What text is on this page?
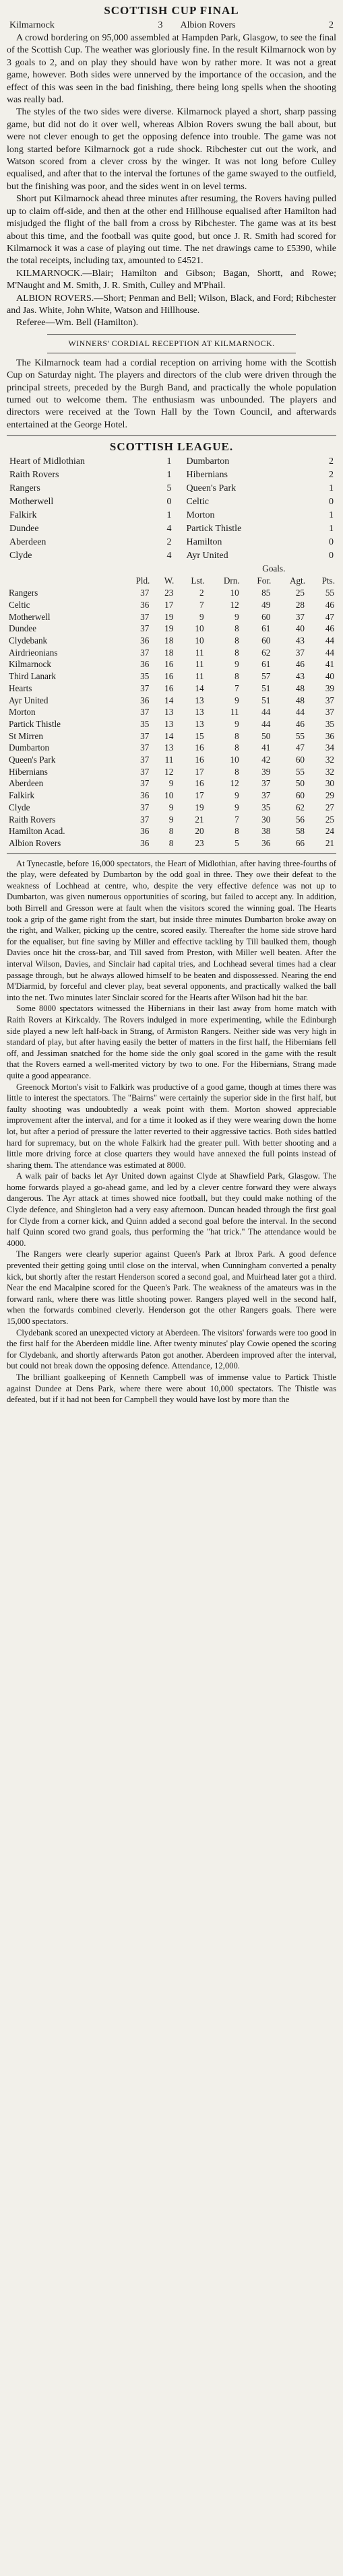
SCOTTISH CUP FINAL
Kilmarnock	3	Albion Rovers	2

A crowd bordering on 95,000 assembled at Hampden Park, Glasgow, to see the final of the Scottish Cup. The weather was gloriously fine. In the result Kilmarnock won by 3 goals to 2, and on play they should have won by rather more. It was not a great game, however. Both sides were unnerved by the importance of the occasion, and the effect of this was seen in the bad finishing, there being long spells when the shooting was really bad.

The styles of the two sides were diverse. Kilmarnock played a short, sharp passing game, but did not do it over well, whereas Albion Rovers swung the ball about, but were not clever enough to get the opposing defence into trouble. The game was not long started before Kilmarnock got a rude shock. Ribchester cut out the work, and Watson scored from a clever cross by the winger. It was not long before Culley equalised, and after that to the interval the fortunes of the game swayed to the outfield, but the finishing was poor, and the sides went in on level terms.

Short put Kilmarnock ahead three minutes after resuming, the Rovers having pulled up to claim off-side, and then at the other end Hillhouse equalised after Hamilton had misjudged the flight of the ball from a cross by Ribchester. The game was at its best about this time, and the football was quite good, but once J. R. Smith had scored for Kilmarnock it was a case of playing out time. The net drawings came to £5390, while the total receipts, including tax, amounted to £4521.

KILMARNOCK.—Blair; Hamilton and Gibson; Bagan, Shortt, and Rowe; M'Naught and M. Smith, J. R. Smith, Culley and M'Phail.

ALBION ROVERS.—Short; Penman and Bell; Wilson, Black, and Ford; Ribchester and Jas. White, John White, Watson and Hillhouse.

Referee—Wm. Bell (Hamilton).

WINNERS' CORDIAL RECEPTION AT KILMARNOCK.

The Kilmarnock team had a cordial reception on arriving home with the Scottish Cup on Saturday night. The players and directors of the club were driven through the principal streets, preceded by the Burgh Band, and practically the whole population turned out to welcome them. The enthusiasm was unbounded. The players and directors were received at the Town Hall by the Town Council, and afterwards entertained at the George Hotel.

SCOTTISH LEAGUE.
Heart of Midlothian	1	Dumbarton	2
Raith Rovers	1	Hibernians	2
Rangers	5	Queen's Park	1
Motherwell	0	Celtic	0
Falkirk	1	Morton	1
Dundee	4	Partick Thistle	1
Aberdeen	2	Hamilton	0
Clyde	4	Ayr United	0
					Goals.		
	Pld.	W.	Lst.	Drn.	For.	Agt.	Pts.
Rangers	37	23	2	10	85	25	55
Celtic	36	17	7	12	49	28	46
Motherwell	37	19	9	9	60	37	47
Dundee	37	19	10	8	61	40	46
Clydebank	36	18	10	8	60	43	44
Airdrieonians	37	18	11	8	62	37	44
Kilmarnock	36	16	11	9	61	46	41
Third Lanark	35	16	11	8	57	43	40
Hearts	37	16	14	7	51	48	39
Ayr United	36	14	13	9	51	48	37
Morton	37	13	13	11	44	44	37
Partick Thistle	35	13	13	9	44	46	35
St Mirren	37	14	15	8	50	55	36
Dumbarton	37	13	16	8	41	47	34
Queen's Park	37	11	16	10	42	60	32
Hibernians	37	12	17	8	39	55	32
Aberdeen	37	9	16	12	37	50	30
Falkirk	36	10	17	9	37	60	29
Clyde	37	9	19	9	35	62	27
Raith Rovers	37	9	21	7	30	56	25
Hamilton Acad.	36	8	20	8	38	58	24
Albion Rovers	36	8	23	5	36	66	21

At Tynecastle, before 16,000 spectators, the Heart of Midlothian, after having three-fourths of the play, were defeated by Dumbarton by the odd goal in three. They owe their defeat to the weakness of Lochhead at centre, who, despite the very effective defence was not up to Dumbarton, was given numerous opportunities of scoring, but failed to accept any. In addition, both Birrell and Gresson were at fault when the visitors scored the winning goal. The Hearts took a grip of the game right from the start, but inside three minutes Dumbarton broke away on the right, and Walker, picking up the centre, scored easily. Thereafter the home side strove hard for the equaliser, but fine saving by Miller and effective tackling by Till baulked them, though Davies once hit the cross-bar, and Till saved from Preston, with Miller well beaten. After the interval Wilson, Davies, and Sinclair had capital tries, and Lochhead several times had a clear passage through, but he always allowed himself to be beaten and dispossessed. Nearing the end M'Diarmid, by forceful and clever play, beat several opponents, and practically walked the ball into the net. Two minutes later Sinclair scored for the Hearts after Wilson had hit the bar.

Some 8000 spectators witnessed the Hibernians in their last away from home match with Raith Rovers at Kirkcaldy. The Rovers indulged in more experimenting, while the Edinburgh side played a new left half-back in Strang, of Armiston Rangers. Neither side was very high in standard of play, but after having easily the better of matters in the first half, the Hibernians fell off, and Jessiman snatched for the home side the only goal scored in the game with the result that the Rovers earned a well-merited victory by two to one. For the Hibernians, Strang made quite a good appearance.

Greenock Morton's visit to Falkirk was productive of a good game, though at times there was little to interest the spectators. The "Bairns" were certainly the superior side in the first half, but faulty shooting was undoubtedly a weak point with them. Morton showed appreciable improvement after the interval, and for a time it looked as if they were wearing down the home lot, but after a period of pressure the latter reverted to their aggressive tactics. Both sides battled hard for supremacy, but on the whole Falkirk had the greater pull. With better shooting and a little more driving force at close quarters they would have annexed the full points instead of sharing them. The attendance was estimated at 8000.

A walk pair of backs let Ayr United down against Clyde at Shawfield Park, Glasgow. The home forwards played a go-ahead game, and led by a clever centre forward they were always dangerous. The Ayr attack at times showed nice football, but they could make nothing of the Clyde defence, and Shingleton had a very easy afternoon. Duncan headed through the first goal for Clyde from a corner kick, and Quinn added a second goal before the interval. In the second half Quinn scored two grand goals, thus performing the "hat trick." The attendance would be 4000.

The Rangers were clearly superior against Queen's Park at Ibrox Park. A good defence prevented their getting going until close on the interval, when Cunningham converted a penalty kick, but shortly after the restart Henderson scored a second goal, and Muirhead later got a third. Near the end Macalpine scored for the Queen's Park. The weakness of the amateurs was in the forward rank, where there was little shooting power. Rangers played well in the second half, when the forwards combined cleverly. Henderson got the other Rangers goals. There were 15,000 spectators.

Clydebank scored an unexpected victory at Aberdeen. The visitors' forwards were too good in the first half for the Aberdeen middle line. After twenty minutes' play Cowie opened the scoring for Clydebank, and shortly afterwards Paton got another. Aberdeen improved after the interval, but could not break down the opposing defence. Attendance, 12,000.

The brilliant goalkeeping of Kenneth Campbell was of immense value to Partick Thistle against Dundee at Dens Park, where there were about 10,000 spectators. The Thistle was defeated, but if it had not been for Campbell they would have lost by more than the
